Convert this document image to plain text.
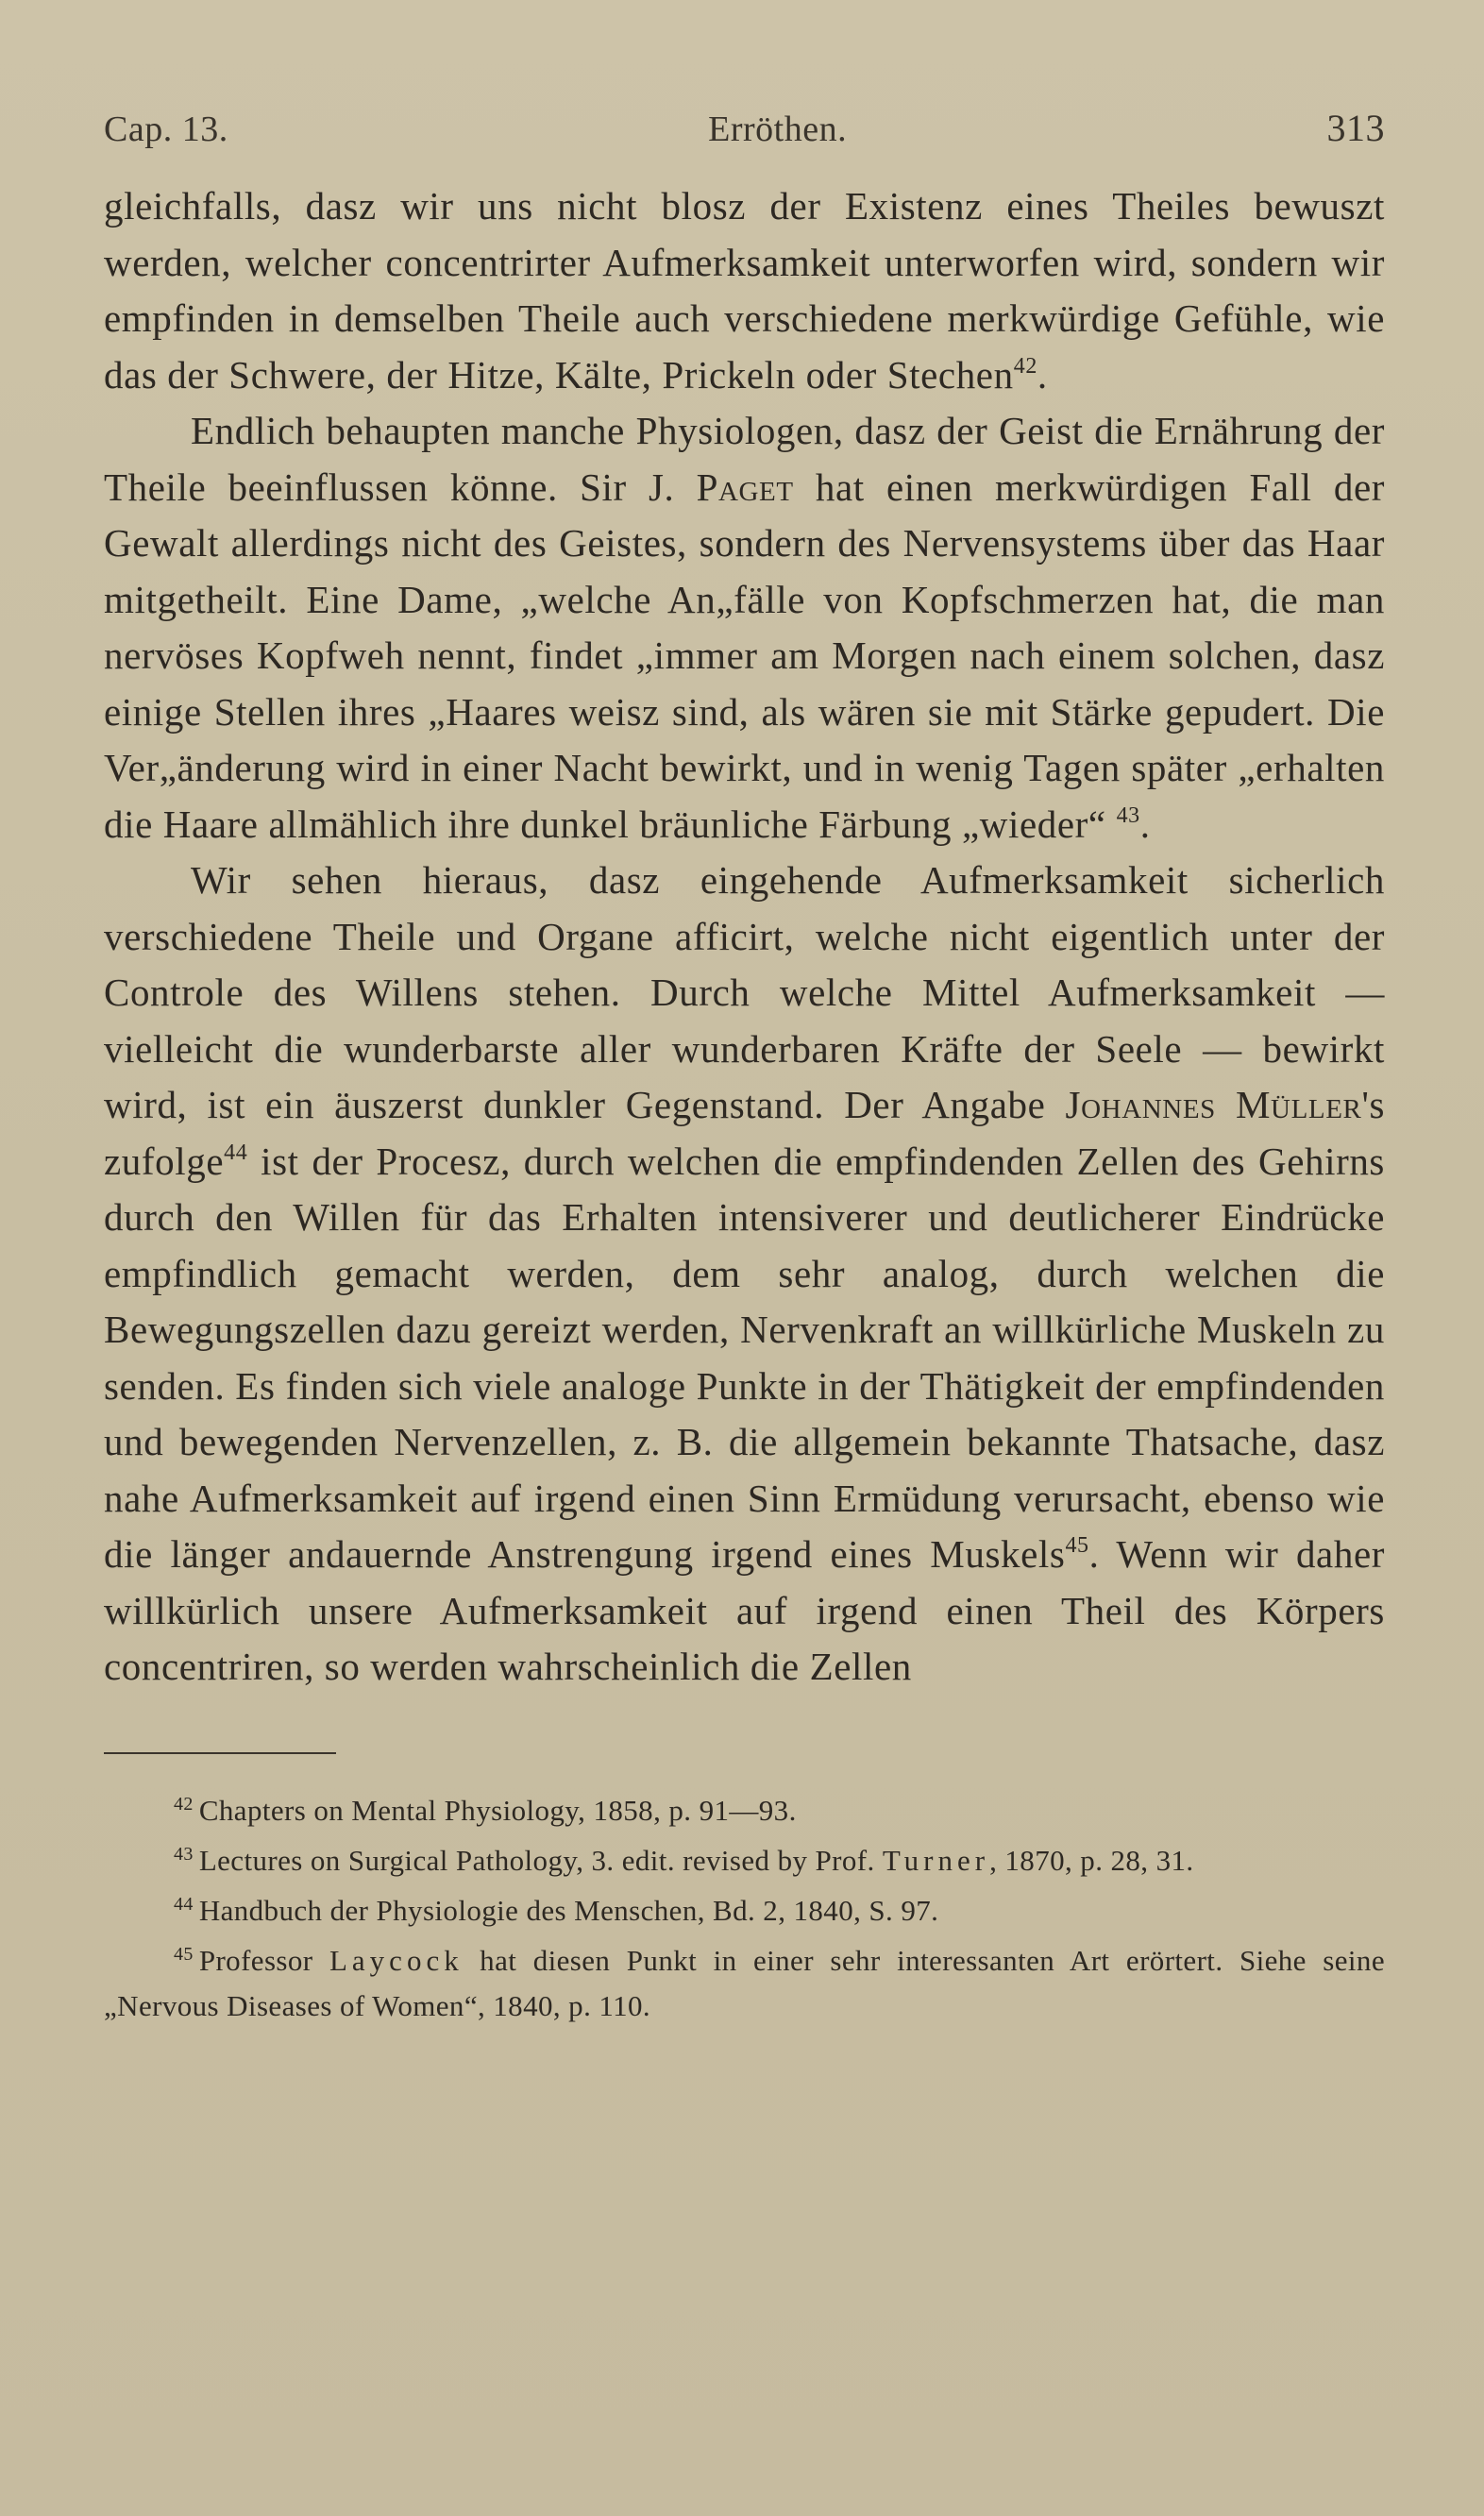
Cap. 13.	Erröthen.	313

gleichfalls, dasz wir uns nicht blosz der Existenz eines Theiles bewuszt werden, welcher concentrirter Aufmerksamkeit unterworfen wird, sondern wir empfinden in demselben Theile auch verschiedene merkwürdige Gefühle, wie das der Schwere, der Hitze, Kälte, Prickeln oder Stechen$^{42}$.

Endlich behaupten manche Physiologen, dasz der Geist die Ernährung der Theile beeinflussen könne. Sir J. Paget hat einen merkwürdigen Fall der Gewalt allerdings nicht des Geistes, sondern des Nervensystems über das Haar mitgetheilt. Eine Dame, „welche An„fälle von Kopfschmerzen hat, die man nervöses Kopfweh nennt, findet „immer am Morgen nach einem solchen, dasz einige Stellen ihres „Haares weisz sind, als wären sie mit Stärke gepudert. Die Ver„änderung wird in einer Nacht bewirkt, und in wenig Tagen später „erhalten die Haare allmählich ihre dunkel bräunliche Färbung „wieder“ $^{43}$.

Wir sehen hieraus, dasz eingehende Aufmerksamkeit sicherlich verschiedene Theile und Organe afficirt, welche nicht eigentlich unter der Controle des Willens stehen. Durch welche Mittel Aufmerksamkeit — vielleicht die wunderbarste aller wunderbaren Kräfte der Seele — bewirkt wird, ist ein äuszerst dunkler Gegenstand. Der Angabe Johannes Müller's zufolge$^{44}$ ist der Procesz, durch welchen die empfindenden Zellen des Gehirns durch den Willen für das Erhalten intensiverer und deutlicherer Eindrücke empfindlich gemacht werden, dem sehr analog, durch welchen die Bewegungszellen dazu gereizt werden, Nervenkraft an willkürliche Muskeln zu senden. Es finden sich viele analoge Punkte in der Thätigkeit der empfindenden und bewegenden Nervenzellen, z. B. die allgemein bekannte Thatsache, dasz nahe Aufmerksamkeit auf irgend einen Sinn Ermüdung verursacht, ebenso wie die länger andauernde Anstrengung irgend eines Muskels$^{45}$. Wenn wir daher willkürlich unsere Aufmerksamkeit auf irgend einen Theil des Körpers concentriren, so werden wahrscheinlich die Zellen

$^{42}$ Chapters on Mental Physiology, 1858, p. 91—93.

$^{43}$ Lectures on Surgical Pathology, 3. edit. revised by Prof. Turner, 1870, p. 28, 31.

$^{44}$ Handbuch der Physiologie des Menschen, Bd. 2, 1840, S. 97.

$^{45}$ Professor Laycock hat diesen Punkt in einer sehr interessanten Art erörtert. Siehe seine „Nervous Diseases of Women“, 1840, p. 110.
